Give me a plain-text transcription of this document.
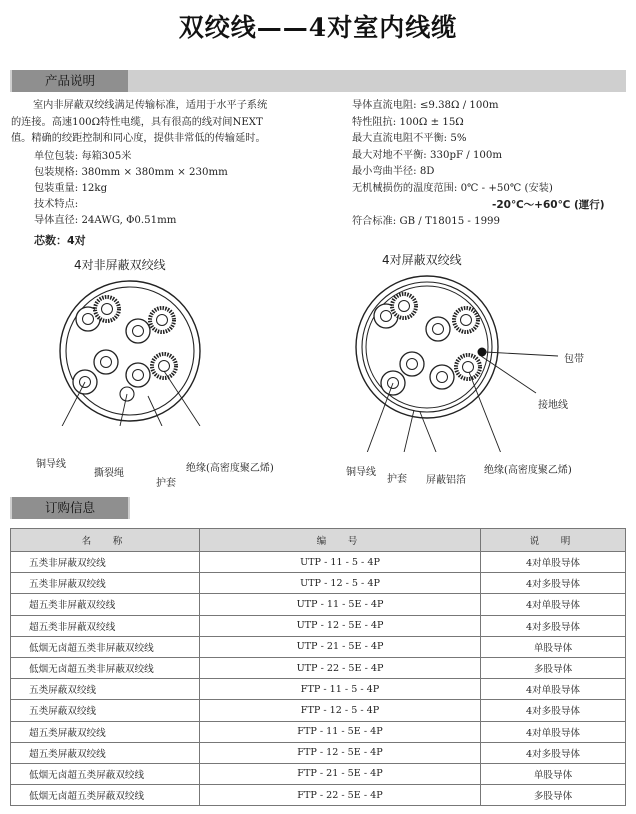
双绞线——4对室内线缆
产品说明
室内非屏蔽双绞线满足传输标准，适用于水平子系统
的连接。高速100Ω特性电缆，具有很高的线对间NEXT
值。精确的绞距控制和同心度，提供非常低的传输延时。
单位包装: 每箱305米
包装规格: 380mm × 380mm × 230mm
包装重量: 12kg
技术特点:
导体直径: 24AWG, Φ0.51mm
芯数：4对
导体直流电阻: ≤9.38Ω / 100m
特性阻抗: 100Ω ± 15Ω
最大直流电阻不平衡: 5%
最大对地不平衡: 330pF / 100m
最小弯曲半径: 8D
无机械损伤的温度范围: 0℃ - +50℃ (安装)
-20℃～+60℃ (運行)
符合标准: GB / T18015 - 1999
4对非屏蔽双绞线	4对屏蔽双绞线
铜导线
撕裂绳
护套
绝缘(高密度聚乙烯)
包带
接地线
铜导线
护套 屏蔽铝箔
绝缘(高密度聚乙烯)
订购信息
名　称	编　号	说　明
五类非屏蔽双绞线	UTP - 11 - 5 - 4P	4对单股导体
五类非屏蔽双绞线	UTP - 12 - 5 - 4P	4对多股导体
超五类非屏蔽双绞线	UTP - 11 - 5E - 4P	4对单股导体
超五类非屏蔽双绞线	UTP - 12 - 5E - 4P	4对多股导体
低烟无卤超五类非屏蔽双绞线	UTP - 21 - 5E - 4P	单股导体
低烟无卤超五类非屏蔽双绞线	UTP - 22 - 5E - 4P	多股导体
五类屏蔽双绞线	FTP - 11 - 5 - 4P	4对单股导体
五类屏蔽双绞线	FTP - 12 - 5 - 4P	4对多股导体
超五类屏蔽双绞线	FTP - 11 - 5E - 4P	4对单股导体
超五类屏蔽双绞线	FTP - 12 - 5E - 4P	4对多股导体
低烟无卤超五类屏蔽双绞线	FTP - 21 - 5E - 4P	单股导体
低烟无卤超五类屏蔽双绞线	FTP - 22 - 5E - 4P	多股导体
